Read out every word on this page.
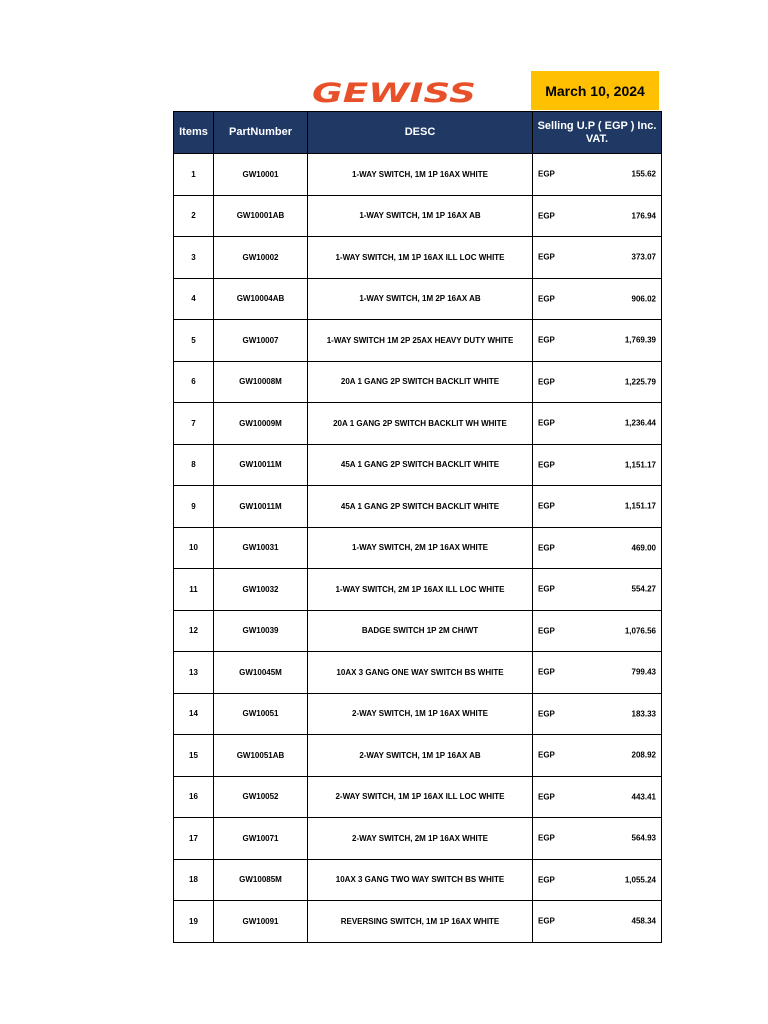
GEWISS	March 10, 2024
Items	PartNumber	DESC	Selling U.P ( EGP ) Inc. VAT.
1	GW10001	1-WAY SWITCH, 1M 1P 16AX WHITE	EGP 155.62

2	GW10001AB	1-WAY SWITCH, 1M 1P 16AX AB	EGP 176.94

3	GW10002	1-WAY SWITCH, 1M 1P 16AX ILL LOC WHITE	EGP 373.07

4	GW10004AB	1-WAY SWITCH, 1M 2P 16AX AB	EGP 906.02

5	GW10007	1-WAY SWITCH 1M 2P 25AX HEAVY DUTY WHITE	EGP 1,769.39

6	GW10008M	20A 1 GANG 2P SWITCH BACKLIT WHITE	EGP 1,225.79

7	GW10009M	20A 1 GANG 2P SWITCH BACKLIT WH WHITE	EGP 1,236.44

8	GW10011M	45A 1 GANG 2P SWITCH BACKLIT WHITE	EGP 1,151.17

9	GW10011M	45A 1 GANG 2P SWITCH BACKLIT WHITE	EGP 1,151.17

10	GW10031	1-WAY SWITCH, 2M 1P 16AX WHITE	EGP 469.00

11	GW10032	1-WAY SWITCH, 2M 1P 16AX ILL LOC WHITE	EGP 554.27

12	GW10039	BADGE SWITCH 1P 2M CH/WT	EGP 1,076.56

13	GW10045M	10AX 3 GANG ONE WAY SWITCH BS WHITE	EGP 799.43

14	GW10051	2-WAY SWITCH, 1M 1P 16AX WHITE	EGP 183.33

15	GW10051AB	2-WAY SWITCH, 1M 1P 16AX AB	EGP 208.92

16	GW10052	2-WAY SWITCH, 1M 1P 16AX ILL LOC WHITE	EGP 443.41

17	GW10071	2-WAY SWITCH, 2M 1P 16AX WHITE	EGP 564.93

18	GW10085M	10AX 3 GANG TWO WAY SWITCH BS WHITE	EGP 1,055.24

19	GW10091	REVERSING SWITCH, 1M 1P 16AX WHITE	EGP 458.34
